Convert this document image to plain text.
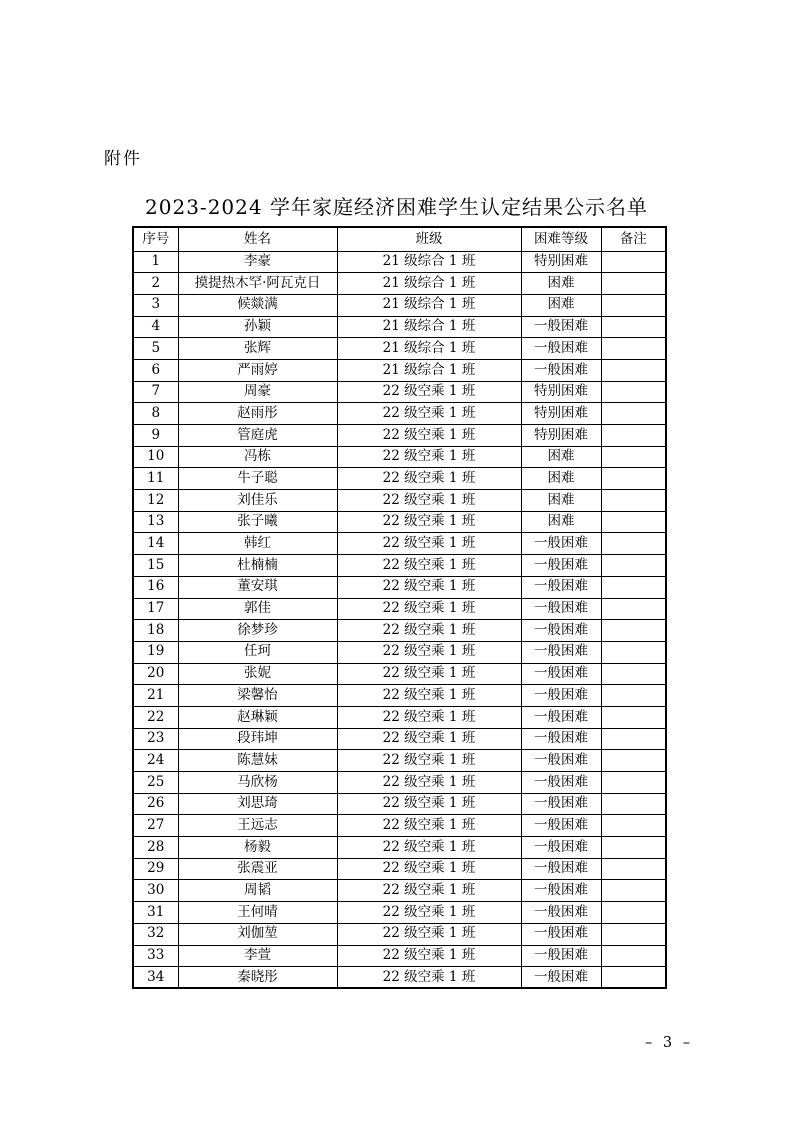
附件
2023-2024 学年家庭经济困难学生认定结果公示名单
序号	姓名	班级	困难等级	备注
1	李豪	21 级综合 1 班	特别困难	
2	摸提热木罕·阿瓦克日	21 级综合 1 班	困难	
3	候燚满	21 级综合 1 班	困难	
4	孙颖	21 级综合 1 班	一般困难	
5	张辉	21 级综合 1 班	一般困难	
6	严雨婷	21 级综合 1 班	一般困难	
7	周豪	22 级空乘 1 班	特别困难	
8	赵雨彤	22 级空乘 1 班	特别困难	
9	管庭虎	22 级空乘 1 班	特别困难	
10	冯栋	22 级空乘 1 班	困难	
11	牛子聪	22 级空乘 1 班	困难	
12	刘佳乐	22 级空乘 1 班	困难	
13	张子曦	22 级空乘 1 班	困难	
14	韩红	22 级空乘 1 班	一般困难	
15	杜楠楠	22 级空乘 1 班	一般困难	
16	董安琪	22 级空乘 1 班	一般困难	
17	郭佳	22 级空乘 1 班	一般困难	
18	徐梦珍	22 级空乘 1 班	一般困难	
19	任珂	22 级空乘 1 班	一般困难	
20	张妮	22 级空乘 1 班	一般困难	
21	梁馨怡	22 级空乘 1 班	一般困难	
22	赵琳颖	22 级空乘 1 班	一般困难	
23	段玮坤	22 级空乘 1 班	一般困难	
24	陈慧妹	22 级空乘 1 班	一般困难	
25	马欣杨	22 级空乘 1 班	一般困难	
26	刘思琦	22 级空乘 1 班	一般困难	
27	王远志	22 级空乘 1 班	一般困难	
28	杨毅	22 级空乘 1 班	一般困难	
29	张震亚	22 级空乘 1 班	一般困难	
30	周韬	22 级空乘 1 班	一般困难	
31	王何晴	22 级空乘 1 班	一般困难	
32	刘伽堃	22 级空乘 1 班	一般困难	
33	李萱	22 级空乘 1 班	一般困难	
34	秦晓彤	22 级空乘 1 班	一般困难	
– 3 –
